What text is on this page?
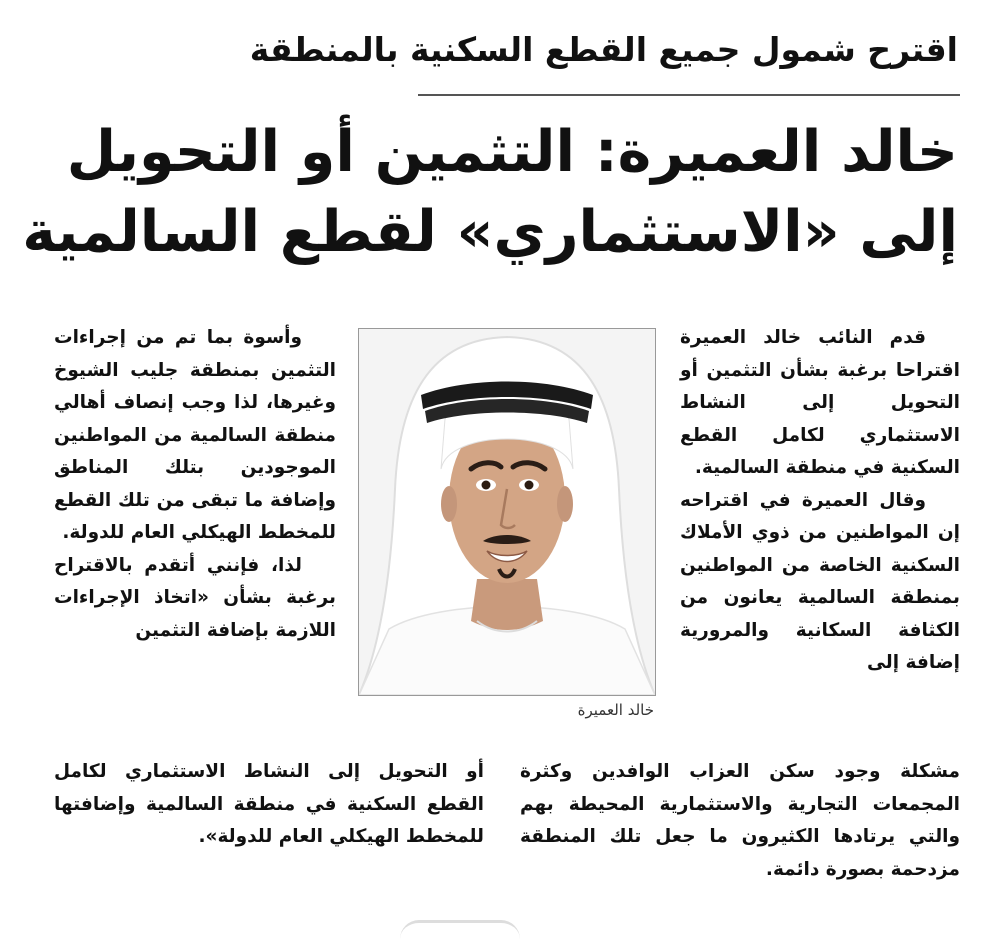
اقترح شمول جميع القطع السكنية بالمنطقة
خالد العميرة: التثمين أو التحويل
إلى «الاستثماري» لقطع السالمية

قدم النائب خالد العميرة اقتراحا برغبة بشأن التثمين أو التحويل إلى النشاط الاستثماري لكامل القطع السكنية في منطقة السالمية.

وقال العميرة في اقتراحه إن المواطنين من ذوي الأملاك السكنية الخاصة من المواطنين بمنطقة السالمية يعانون من الكثافة السكانية والمرورية إضافة إلى

وأسوة بما تم من إجراءات التثمين بمنطقة جليب الشيوخ وغيرها، لذا وجب إنصاف أهالي منطقة السالمية من المواطنين الموجودين بتلك المناطق وإضافة ما تبقى من تلك القطع للمخطط الهيكلي العام للدولة.

لذا، فإنني أتقدم بالاقتراح برغبة بشأن «اتخاذ الإجراءات اللازمة بإضافة التثمين

خالد العميرة
مشكلة وجود سكن العزاب الوافدين وكثرة المجمعات التجارية والاستثمارية المحيطة بهم والتي يرتادها الكثيرون ما جعل تلك المنطقة مزدحمة بصورة دائمة.
أو التحويل إلى النشاط الاستثماري لكامل القطع السكنية في منطقة السالمية وإضافتها للمخطط الهيكلي العام للدولة».
